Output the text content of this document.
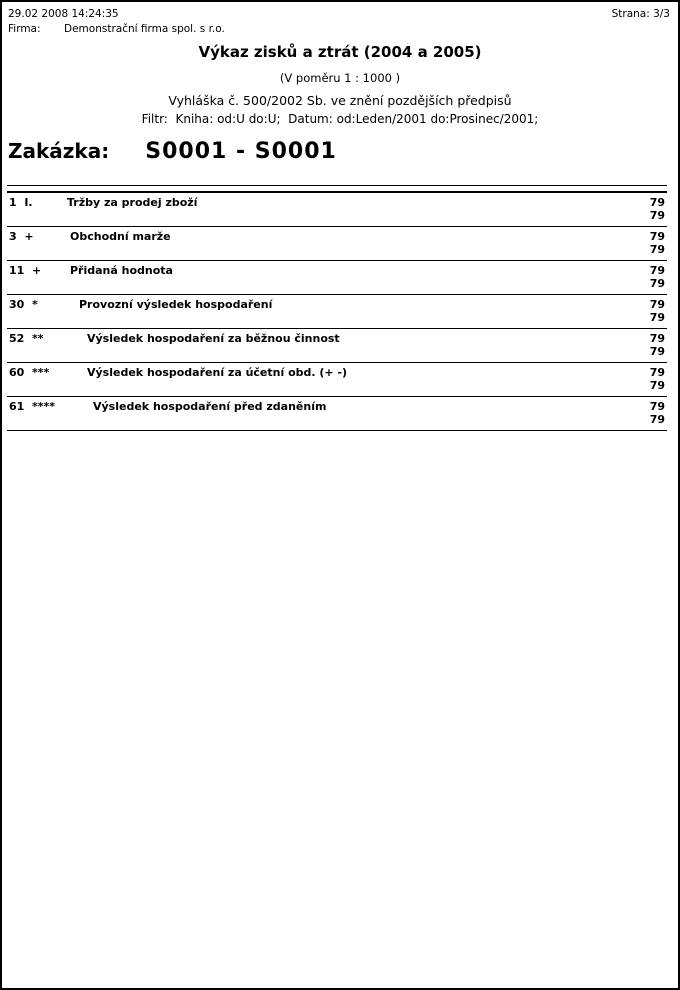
29.02 2008 14:24:35	Strana: 3/3
Firma:	Demonstrační firma spol. s r.o.
Výkaz zisků a ztrát (2004 a 2005)
(V poměru 1 : 1000 )
Vyhláška č. 500/2002 Sb. ve znění pozdějších předpisů
Filtr:  Kniha: od:U do:U;  Datum: od:Leden/2001 do:Prosinec/2001;
Zakázka: S0001 - S0001
1  I.	Tržby za prodej zboží	79
79
3  +	Obchodní marže	79
79
11  +	Přidaná hodnota	79
79
30  *	Provozní výsledek hospodaření	79
79
52  **	Výsledek hospodaření za běžnou činnost	79
79
60  ***	Výsledek hospodaření za účetní obd. (+ -)	79
79
61  ****	Výsledek hospodaření před zdaněním	79
79
